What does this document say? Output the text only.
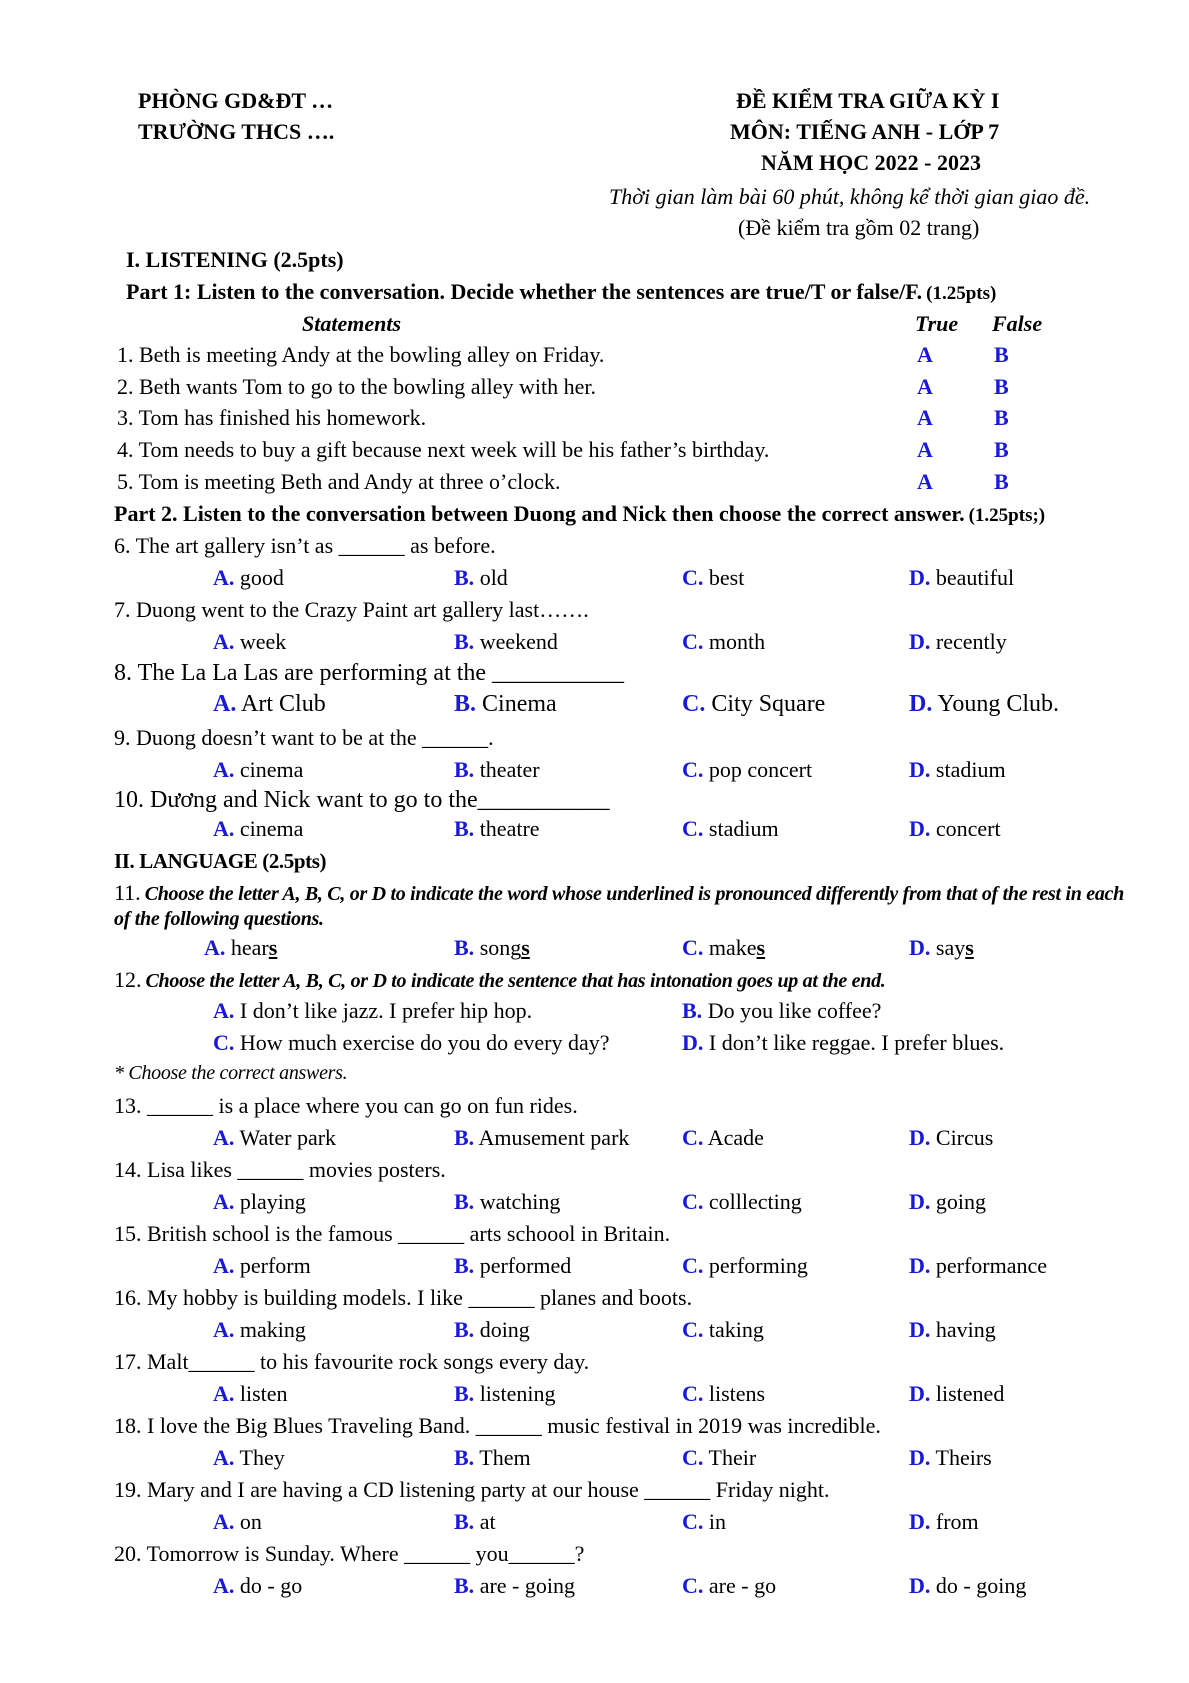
PHÒNG GD&ĐT …
TRƯỜNG THCS ….
ĐỀ KIỂM TRA GIỮA KỲ I
MÔN: TIẾNG ANH - LỚP 7
NĂM HỌC 2022 - 2023
Thời gian làm bài 60 phút, không kể thời gian giao đề.
(Đề kiểm tra gồm 02 trang)
I. LISTENING (2.5pts)
Part 1: Listen to the conversation. Decide whether the sentences are true/T or false/F. (1.25pts)
Statements	True False
1. Beth is meeting Andy at the bowling alley on Friday.	A	B
2. Beth wants Tom to go to the bowling alley with her.	A	B
3. Tom has finished his homework.	A	B
4. Tom needs to buy a gift because next week will be his father’s birthday.	A	B
5. Tom is meeting Beth and Andy at three o’clock.	A	B
Part 2. Listen to the conversation between Duong and Nick then choose the correct answer. (1.25pts;)
6. The art gallery isn’t as ______ as before.
A. good	B. old	C. best	D. beautiful
7. Duong went to the Crazy Paint art gallery last…….
A. week	B. weekend	C. month	D. recently
8. The La La Las are performing at the ___________
A. Art Club	B. Cinema	C. City Square	D. Young Club.
9. Duong doesn’t want to be at the ______.
A. cinema	B. theater	C. pop concert	D. stadium
10. Dương and Nick want to go to the___________
A. cinema	B. theatre	C. stadium	D. concert
II. LANGUAGE (2.5pts)
11. Choose the letter A, B, C, or D to indicate the word whose underlined is pronounced differently from that of the rest in each
of the following questions.
A. hears	B. songs	C. makes	D. says
12. Choose the letter A, B, C, or D to indicate the sentence that has intonation goes up at the end.
A. I don’t like jazz. I prefer hip hop.	B. Do you like coffee?
C. How much exercise do you do every day?	D. I don’t like reggae. I prefer blues.
* Choose the correct answers.
13. ______ is a place where you can go on fun rides.
A. Water park	B. Amusement park C. Acade	D. Circus
14. Lisa likes ______ movies posters.
A. playing	B. watching	C. colllecting	D. going
15. British school is the famous ______ arts schoool in Britain.
A. perform	B. performed	C. performing	D. performance
16. My hobby is building models. I like ______ planes and boots.
A. making	B. doing	C. taking	D. having
17. Malt______ to his favourite rock songs every day.
A. listen	B. listening	C. listens	D. listened
18. I love the Big Blues Traveling Band. ______ music festival in 2019 was incredible.
A. They	B. Them	C. Their	D. Theirs
19. Mary and I are having a CD listening party at our house ______ Friday night.
A. on	B. at	C. in	D. from
20. Tomorrow is Sunday. Where ______ you______?
A. do - go	B. are - going	C. are - go	D. do - going
